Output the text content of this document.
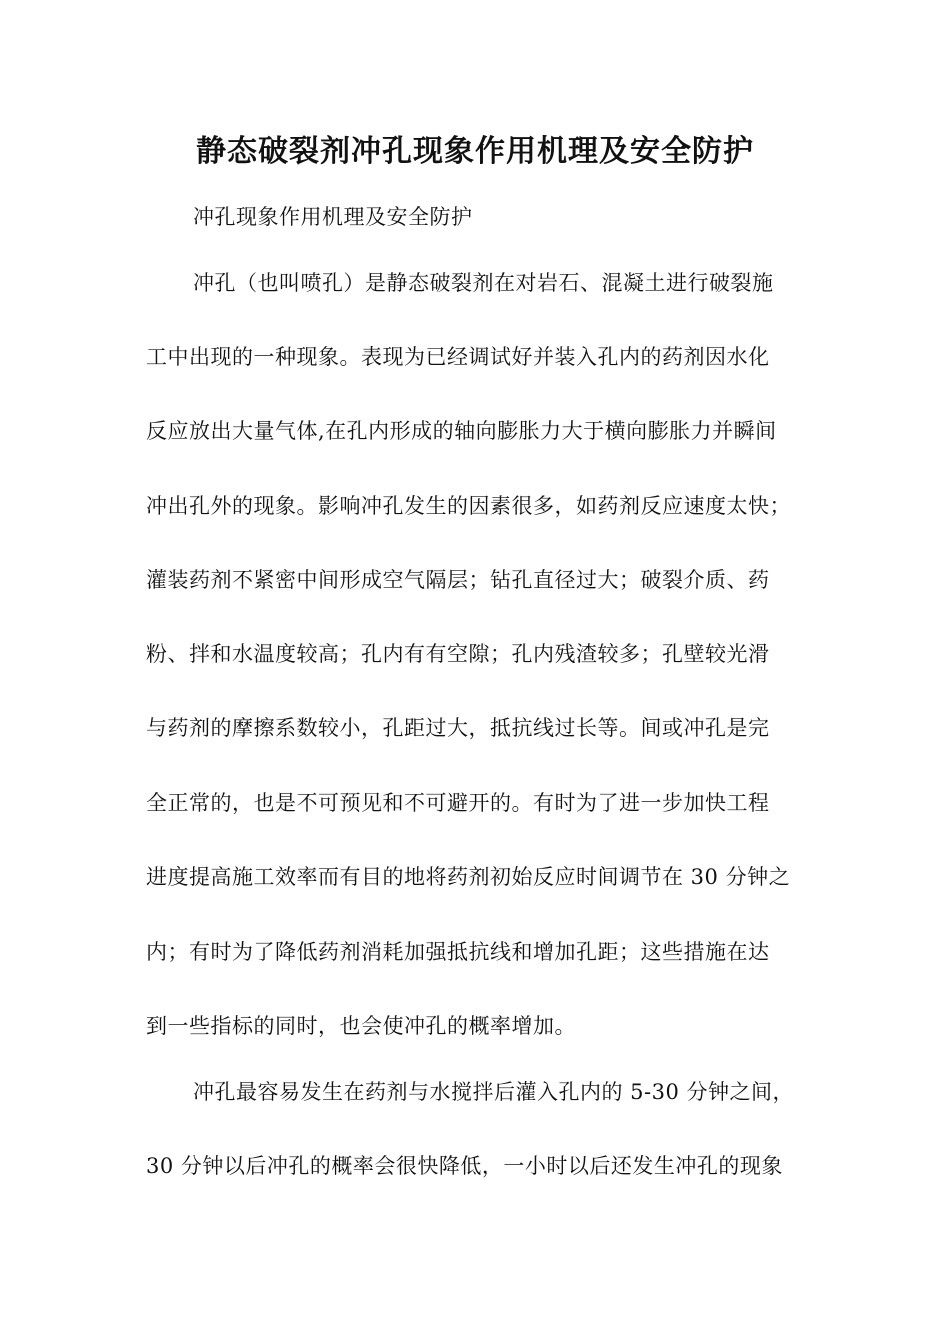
静态破裂剂冲孔现象作用机理及安全防护
冲孔现象作用机理及安全防护
冲孔（也叫喷孔）是静态破裂剂在对岩石、混凝土进行破裂施
工中出现的一种现象。表现为已经调试好并装入孔内的药剂因水化
反应放出大量气体,在孔内形成的轴向膨胀力大于横向膨胀力并瞬间
冲出孔外的现象。影响冲孔发生的因素很多，如药剂反应速度太快；
灌装药剂不紧密中间形成空气隔层；钻孔直径过大；破裂介质、药
粉、拌和水温度较高；孔内有有空隙；孔内残渣较多；孔壁较光滑
与药剂的摩擦系数较小，孔距过大，抵抗线过长等。间或冲孔是完
全正常的，也是不可预见和不可避开的。有时为了进一步加快工程
进度提高施工效率而有目的地将药剂初始反应时间调节在 30 分钟之
内；有时为了降低药剂消耗加强抵抗线和增加孔距；这些措施在达
到一些指标的同时，也会使冲孔的概率增加。
冲孔最容易发生在药剂与水搅拌后灌入孔内的 5-30 分钟之间，
30 分钟以后冲孔的概率会很快降低，一小时以后还发生冲孔的现象
